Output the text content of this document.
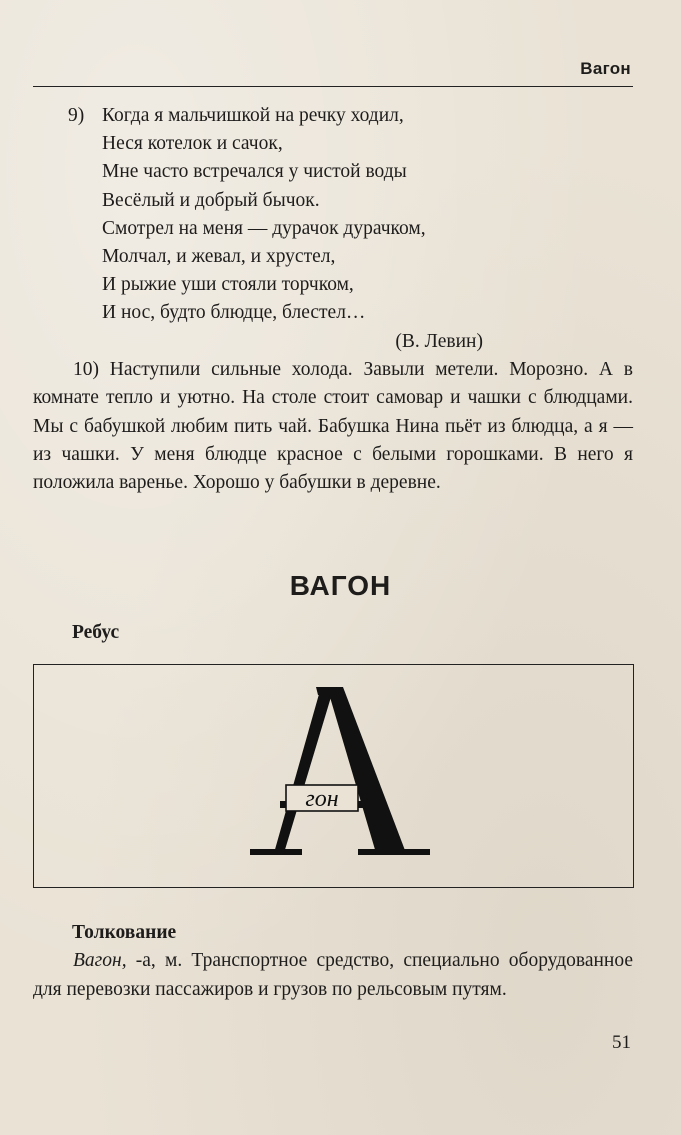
Вагон
9) Когда я мальчишкой на речку ходил,
Неся котелок и сачок,
Мне часто встречался у чистой воды
Весёлый и добрый бычок.
Смотрел на меня — дурачок дурачком,
Молчал, и жевал, и хрустел,
И рыжие уши стояли торчком,
И нос, будто блюдце, блестел…
(В. Левин)
10) Наступили сильные холода. Завыли метели. Морозно. А в комнате тепло и уютно. На столе стоит самовар и чашки с блюдцами. Мы с бабушкой любим пить чай. Бабушка Нина пьёт из блюдца, а я — из чашки. У меня блюдце красное с белыми горошками. В него я положила варенье. Хорошо у бабушки в деревне.
ВАГОН
Ребус
гон
Толкование
Вагон, -а, м. Транспортное средство, специально оборудованное для перевозки пассажиров и грузов по рельсовым путям.
51
